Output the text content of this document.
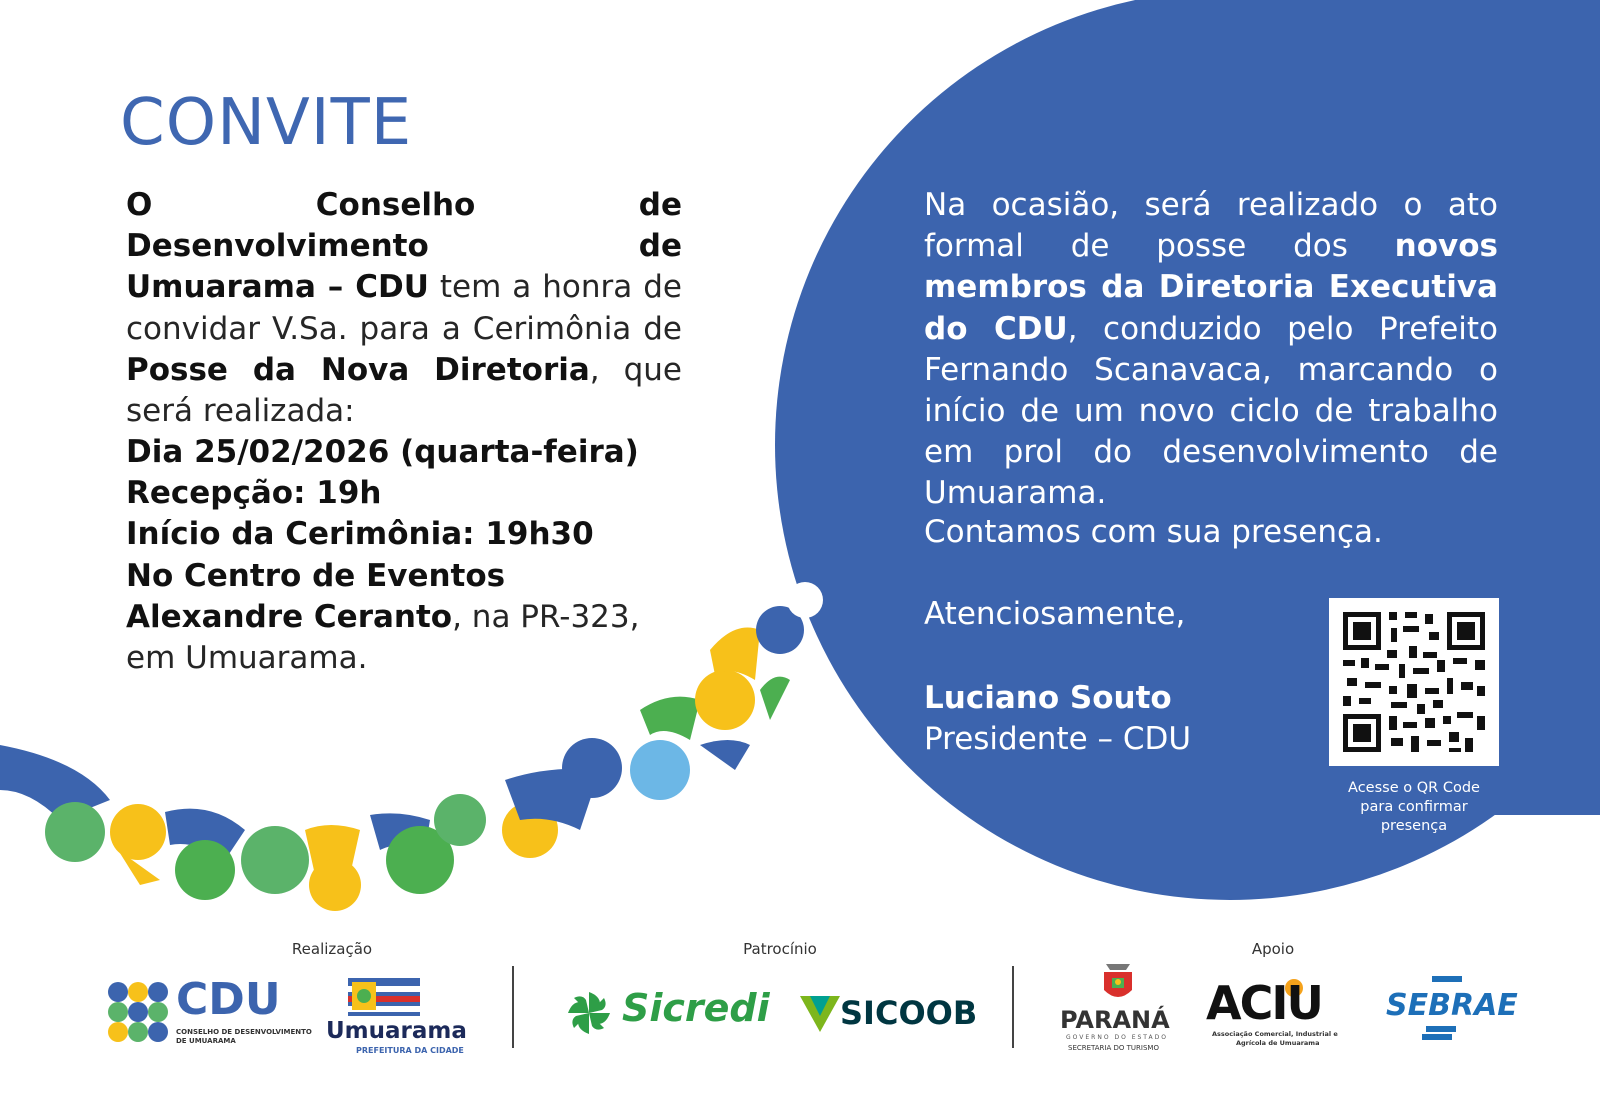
CONVITE

O Conselho de Desenvolvimento de Umuarama – CDU tem a honra de convidar V.Sa. para a Cerimônia de Posse da Nova Diretoria, que será realizada:

Dia 25/02/2026 (quarta-feira)
Recepção: 19h
Início da Cerimônia: 19h30
No Centro de Eventos
Alexandre Ceranto, na PR-323,
em Umuarama.

Na ocasião, será realizado o ato formal de posse dos novos membros da Diretoria Executiva do CDU, conduzido pelo Prefeito Fernando Scanavaca, marcando o início de um novo ciclo de trabalho em prol do desenvolvimento de Umuarama.

Contamos com sua presença.
Atenciosamente,
Luciano Souto
Presidente – CDU
Acesse o QR Code
para confirmar
presença
Realização	Patrocínio	Apoio
CDU
CONSELHO DE DESENVOLVIMENTO
DE UMUARAMA	Umuarama
PREFEITURA DA CIDADE
Sicredi SICOOB	PARANÁ
GOVERNO DO ESTADO
SECRETARIA DO TURISMO
ACIU
Associação Comercial, Industrial e
Agrícola de Umuarama
SEBRAE
